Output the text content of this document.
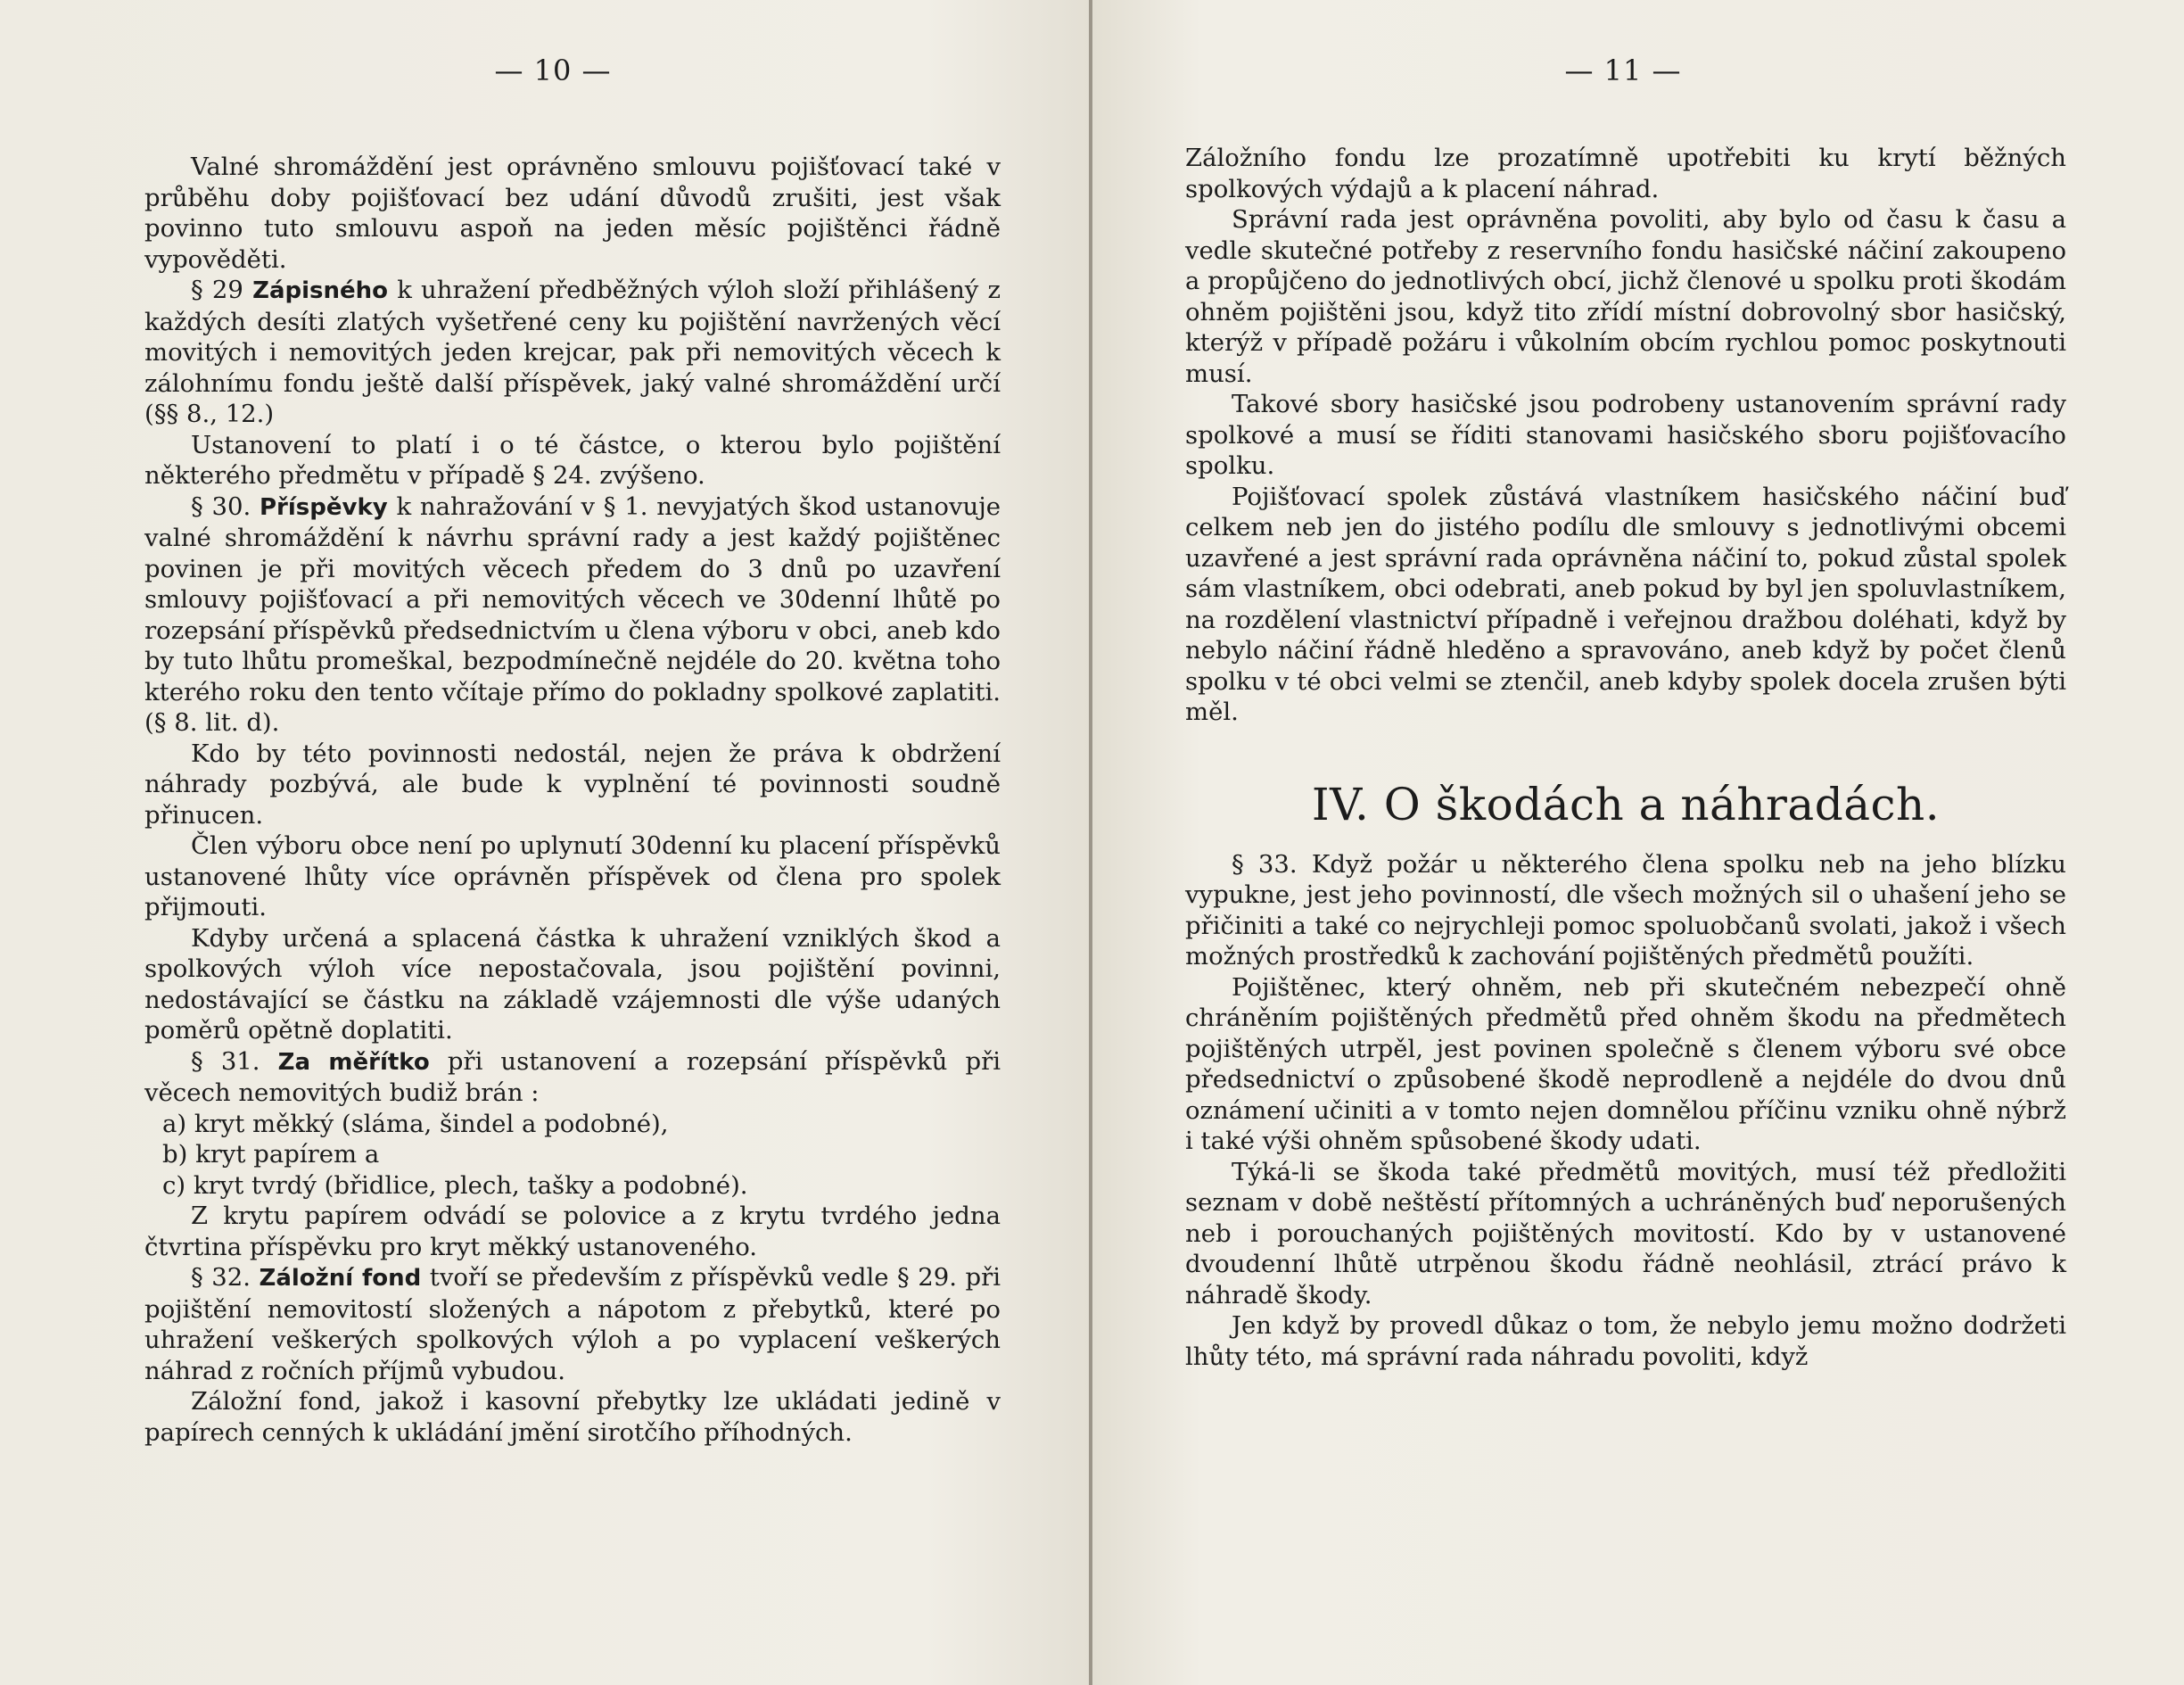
— 10 —

Valné shromáždění jest oprávněno smlouvu pojišťovací také v průběhu doby pojišťovací bez udání důvodů zrušiti, jest však povinno tuto smlouvu aspoň na jeden měsíc pojištěnci řádně vypověděti.

§ 29 Zápisného k uhražení předběžných výloh složí přihlášený z každých desíti zlatých vyšetřené ceny ku pojištění navržených věcí movitých i nemovitých jeden krejcar, pak při nemovitých věcech k zálohnímu fondu ještě další příspěvek, jaký valné shromáždění určí (§§ 8., 12.)

Ustanovení to platí i o té částce, o kterou bylo pojištění některého předmětu v případě § 24. zvýšeno.

§ 30. Příspěvky k nahražování v § 1. nevyjatých škod ustanovuje valné shromáždění k návrhu správní rady a jest každý pojištěnec povinen je při movitých věcech předem do 3 dnů po uzavření smlouvy pojišťovací a při nemovitých věcech ve 30denní lhůtě po rozepsání příspěvků předsednictvím u člena výboru v obci, aneb kdo by tuto lhůtu promeškal, bezpodmínečně nejdéle do 20. května toho kterého roku den tento včítaje přímo do pokladny spolkové zaplatiti. (§ 8. lit. d).

Kdo by této povinnosti nedostál, nejen že práva k obdržení náhrady pozbývá, ale bude k vyplnění té povinnosti soudně přinucen.

Člen výboru obce není po uplynutí 30denní ku placení příspěvků ustanovené lhůty více oprávněn příspěvek od člena pro spolek přijmouti.

Kdyby určená a splacená částka k uhražení vzniklých škod a spolkových výloh více nepostačovala, jsou pojištění povinni, nedostávající se částku na základě vzájemnosti dle výše udaných poměrů opětně doplatiti.

§ 31. Za měřítko při ustanovení a rozepsání příspěvků při věcech nemovitých budiž brán :

a) kryt měkký (sláma, šindel a podobné),

b) kryt papírem a

c) kryt tvrdý (břidlice, plech, tašky a podobné).

Z krytu papírem odvádí se polovice a z krytu tvrdého jedna čtvrtina příspěvku pro kryt měkký ustanoveného.

§ 32. Záložní fond tvoří se především z příspěvků vedle § 29. při pojištění nemovitostí složených a nápotom z přebytků, které po uhražení veškerých spolkových výloh a po vyplacení veškerých náhrad z ročních příjmů vybudou.

Záložní fond, jakož i kasovní přebytky lze ukládati jedině v papírech cenných k ukládání jmění sirotčího příhodných.

— 11 —

Záložního fondu lze prozatímně upotřebiti ku krytí běžných spolkových výdajů a k placení náhrad.

Správní rada jest oprávněna povoliti, aby bylo od času k času a vedle skutečné potřeby z reservního fondu hasičské náčiní zakoupeno a propůjčeno do jednotlivých obcí, jichž členové u spolku proti škodám ohněm pojištěni jsou, když tito zřídí místní dobrovolný sbor hasičský, kterýž v případě požáru i vůkolním obcím rychlou pomoc poskytnouti musí.

Takové sbory hasičské jsou podrobeny ustanovením správní rady spolkové a musí se říditi stanovami hasičského sboru pojišťovacího spolku.

Pojišťovací spolek zůstává vlastníkem hasičského náčiní buď celkem neb jen do jistého podílu dle smlouvy s jednotlivými obcemi uzavřené a jest správní rada oprávněna náčiní to, pokud zůstal spolek sám vlastníkem, obci odebrati, aneb pokud by byl jen spoluvlastníkem, na rozdělení vlastnictví případně i veřejnou dražbou doléhati, když by nebylo náčiní řádně hleděno a spravováno, aneb když by počet členů spolku v té obci velmi se ztenčil, aneb kdyby spolek docela zrušen býti měl.

IV. O škodách a náhradách.

§ 33. Když požár u některého člena spolku neb na jeho blízku vypukne, jest jeho povinností, dle všech možných sil o uhašení jeho se přičiniti a také co nejrychleji pomoc spoluobčanů svolati, jakož i všech možných prostředků k zachování pojištěných předmětů použíti.

Pojištěnec, který ohněm, neb při skutečném nebezpečí ohně chráněním pojištěných předmětů před ohněm škodu na předmětech pojištěných utrpěl, jest povinen společně s členem výboru své obce předsednictví o způsobené škodě neprodleně a nejdéle do dvou dnů oznámení učiniti a v tomto nejen domnělou příčinu vzniku ohně nýbrž i také výši ohněm spůsobené škody udati.

Týká-li se škoda také předmětů movitých, musí též předložiti seznam v době neštěstí přítomných a uchráněných buď neporušených neb i porouchaných pojištěných movitostí. Kdo by v ustanovené dvoudenní lhůtě utrpěnou škodu řádně neohlásil, ztrácí právo k náhradě škody.

Jen když by provedl důkaz o tom, že nebylo jemu možno dodržeti lhůty této, má správní rada náhradu povoliti, když
